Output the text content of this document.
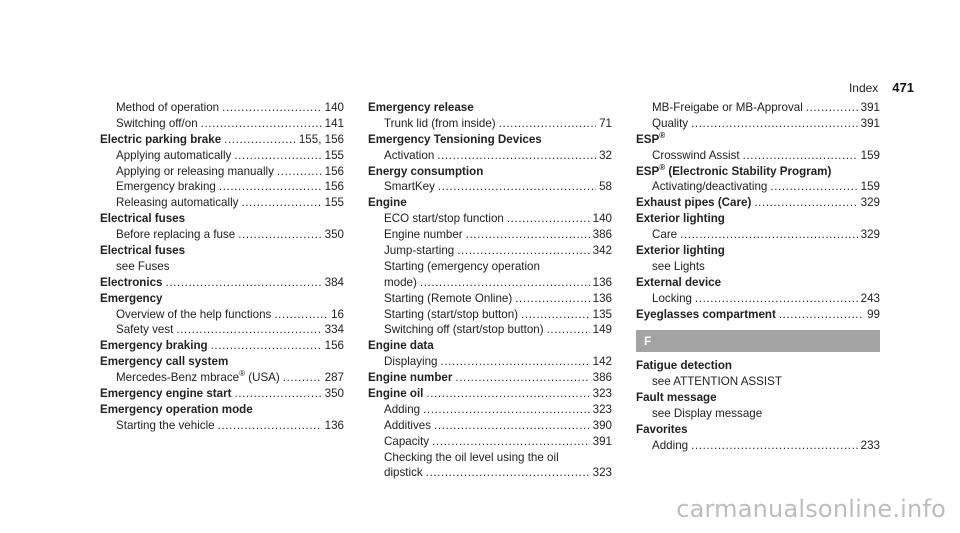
Index 471
Method of operation .....	140
Switching off/on .....	141
Electric parking brake .....	155, 156
Applying automatically .....	155
Applying or releasing manually .....	156
Emergency braking .....	156
Releasing automatically .....	155
Electrical fuses
Before replacing a fuse .....	350
Electrical fuses
see Fuses
Electronics .....	384
Emergency
Overview of the help functions .....	16
Safety vest .....	334
Emergency braking .....	156
Emergency call system
Mercedes-Benz mbrace® (USA) .....	287
Emergency engine start .....	350
Emergency operation mode
Starting the vehicle .....	136
Emergency release
Trunk lid (from inside) .....	71
Emergency Tensioning Devices
Activation .....	32
Energy consumption
SmartKey .....	58
Engine
ECO start/stop function .....	140
Engine number .....	386
Jump-starting .....	342
Starting (emergency operation
mode) .....	136
Starting (Remote Online) .....	136
Starting (start/stop button) .....	135
Switching off (start/stop button) .....	149
Engine data
Displaying .....	142
Engine number .....	386
Engine oil .....	323
Adding .....	323
Additives .....	390
Capacity .....	391
Checking the oil level using the oil
dipstick .....	323
MB-Freigabe or MB-Approval .....	391
Quality .....	391
ESP®
Crosswind Assist .....	159
ESP® (Electronic Stability Program)
Activating/deactivating .....	159
Exhaust pipes (Care) .....	329
Exterior lighting
Care .....	329
Exterior lighting
see Lights
External device
Locking .....	243
Eyeglasses compartment .....	99
F
Fatigue detection
see ATTENTION ASSIST
Fault message
see Display message
Favorites
Adding .....	233
carmanualsonline.info
